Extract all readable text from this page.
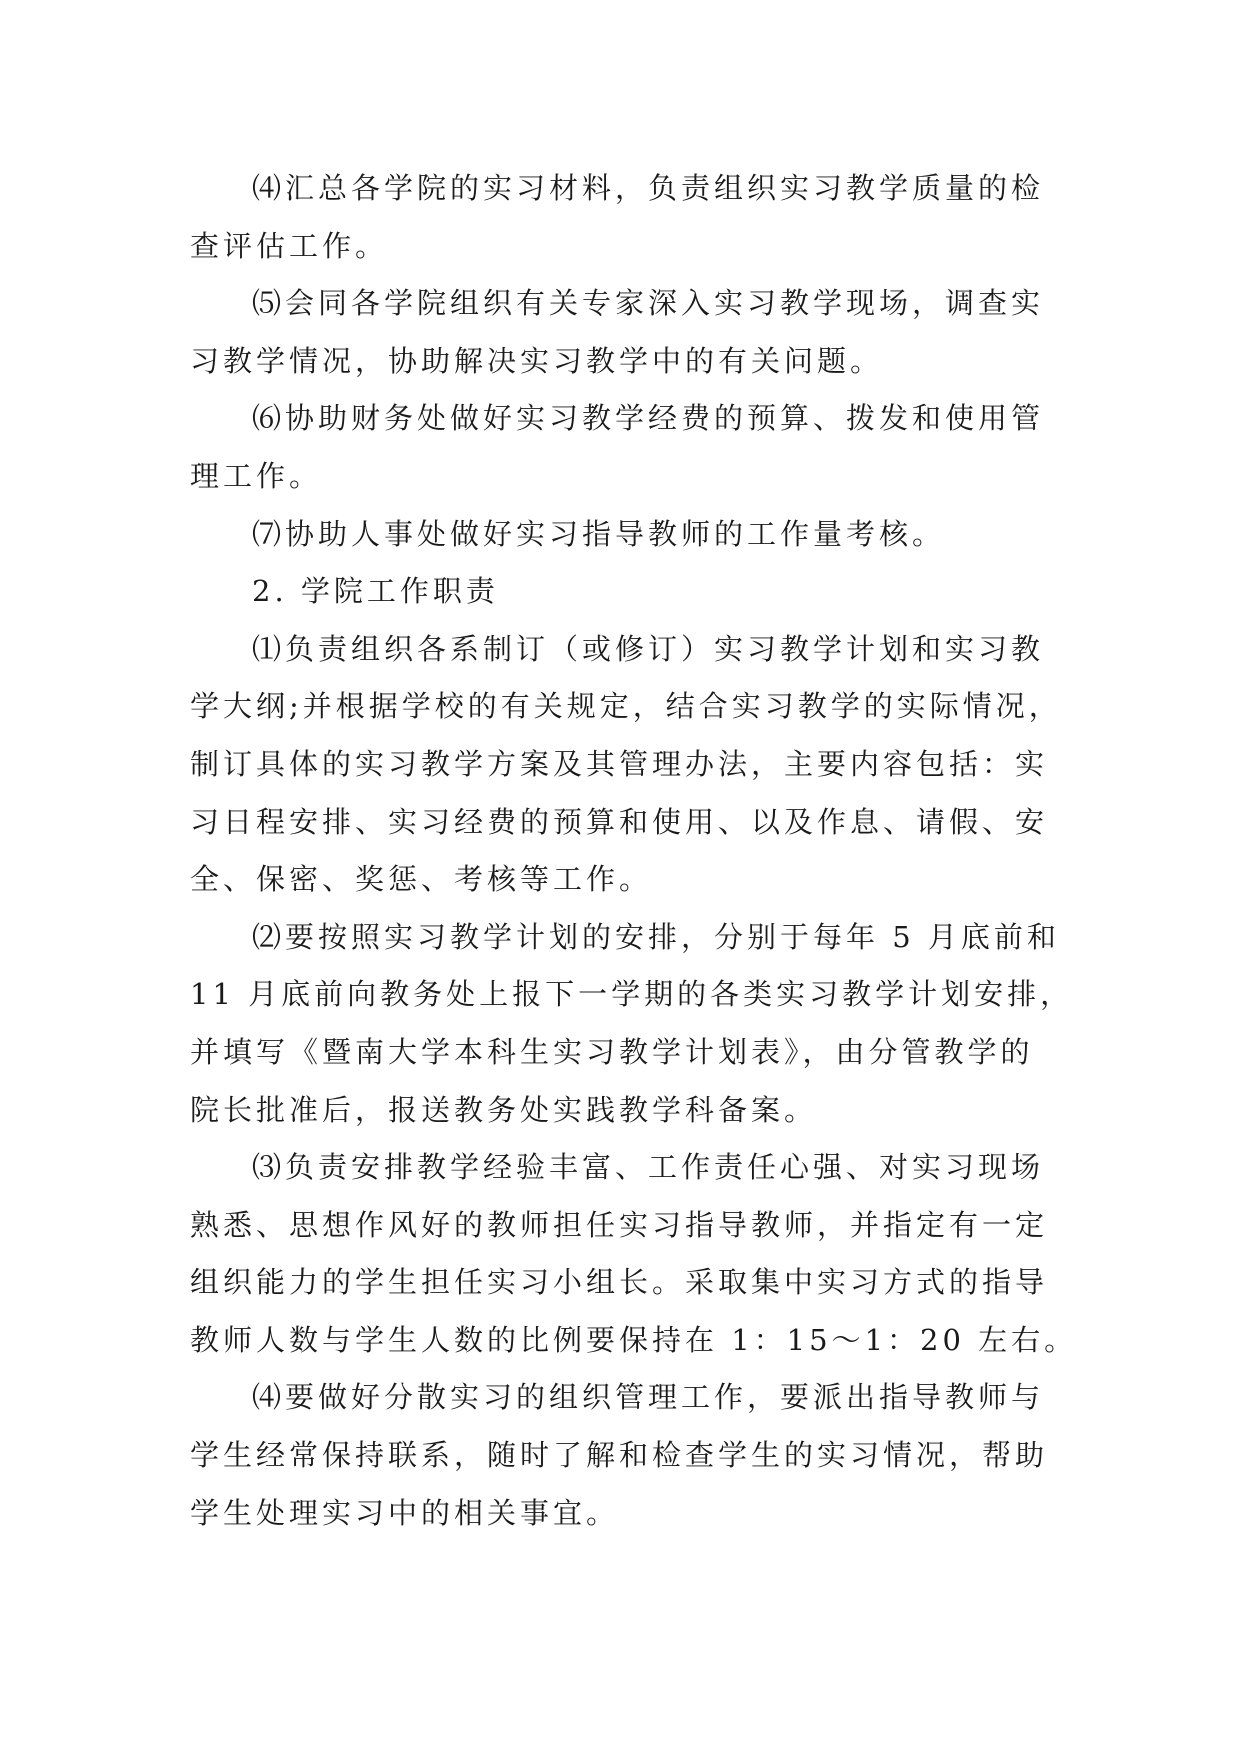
⑷汇总各学院的实习材料，负责组织实习教学质量的检
查评估工作。
⑸会同各学院组织有关专家深入实习教学现场，调查实
习教学情况，协助解决实习教学中的有关问题。
⑹协助财务处做好实习教学经费的预算、拨发和使用管
理工作。
⑺协助人事处做好实习指导教师的工作量考核。
2. 学院工作职责
⑴负责组织各系制订（或修订）实习教学计划和实习教
学大纲;并根据学校的有关规定，结合实习教学的实际情况，
制订具体的实习教学方案及其管理办法，主要内容包括：实
习日程安排、实习经费的预算和使用、以及作息、请假、安
全、保密、奖惩、考核等工作。
⑵要按照实习教学计划的安排，分别于每年 5 月底前和
11 月底前向教务处上报下一学期的各类实习教学计划安排，
并填写《暨南大学本科生实习教学计划表》，由分管教学的
院长批准后，报送教务处实践教学科备案。
⑶负责安排教学经验丰富、工作责任心强、对实习现场
熟悉、思想作风好的教师担任实习指导教师，并指定有一定
组织能力的学生担任实习小组长。采取集中实习方式的指导
教师人数与学生人数的比例要保持在 1：15～1：20 左右。
⑷要做好分散实习的组织管理工作，要派出指导教师与
学生经常保持联系，随时了解和检查学生的实习情况，帮助
学生处理实习中的相关事宜。
